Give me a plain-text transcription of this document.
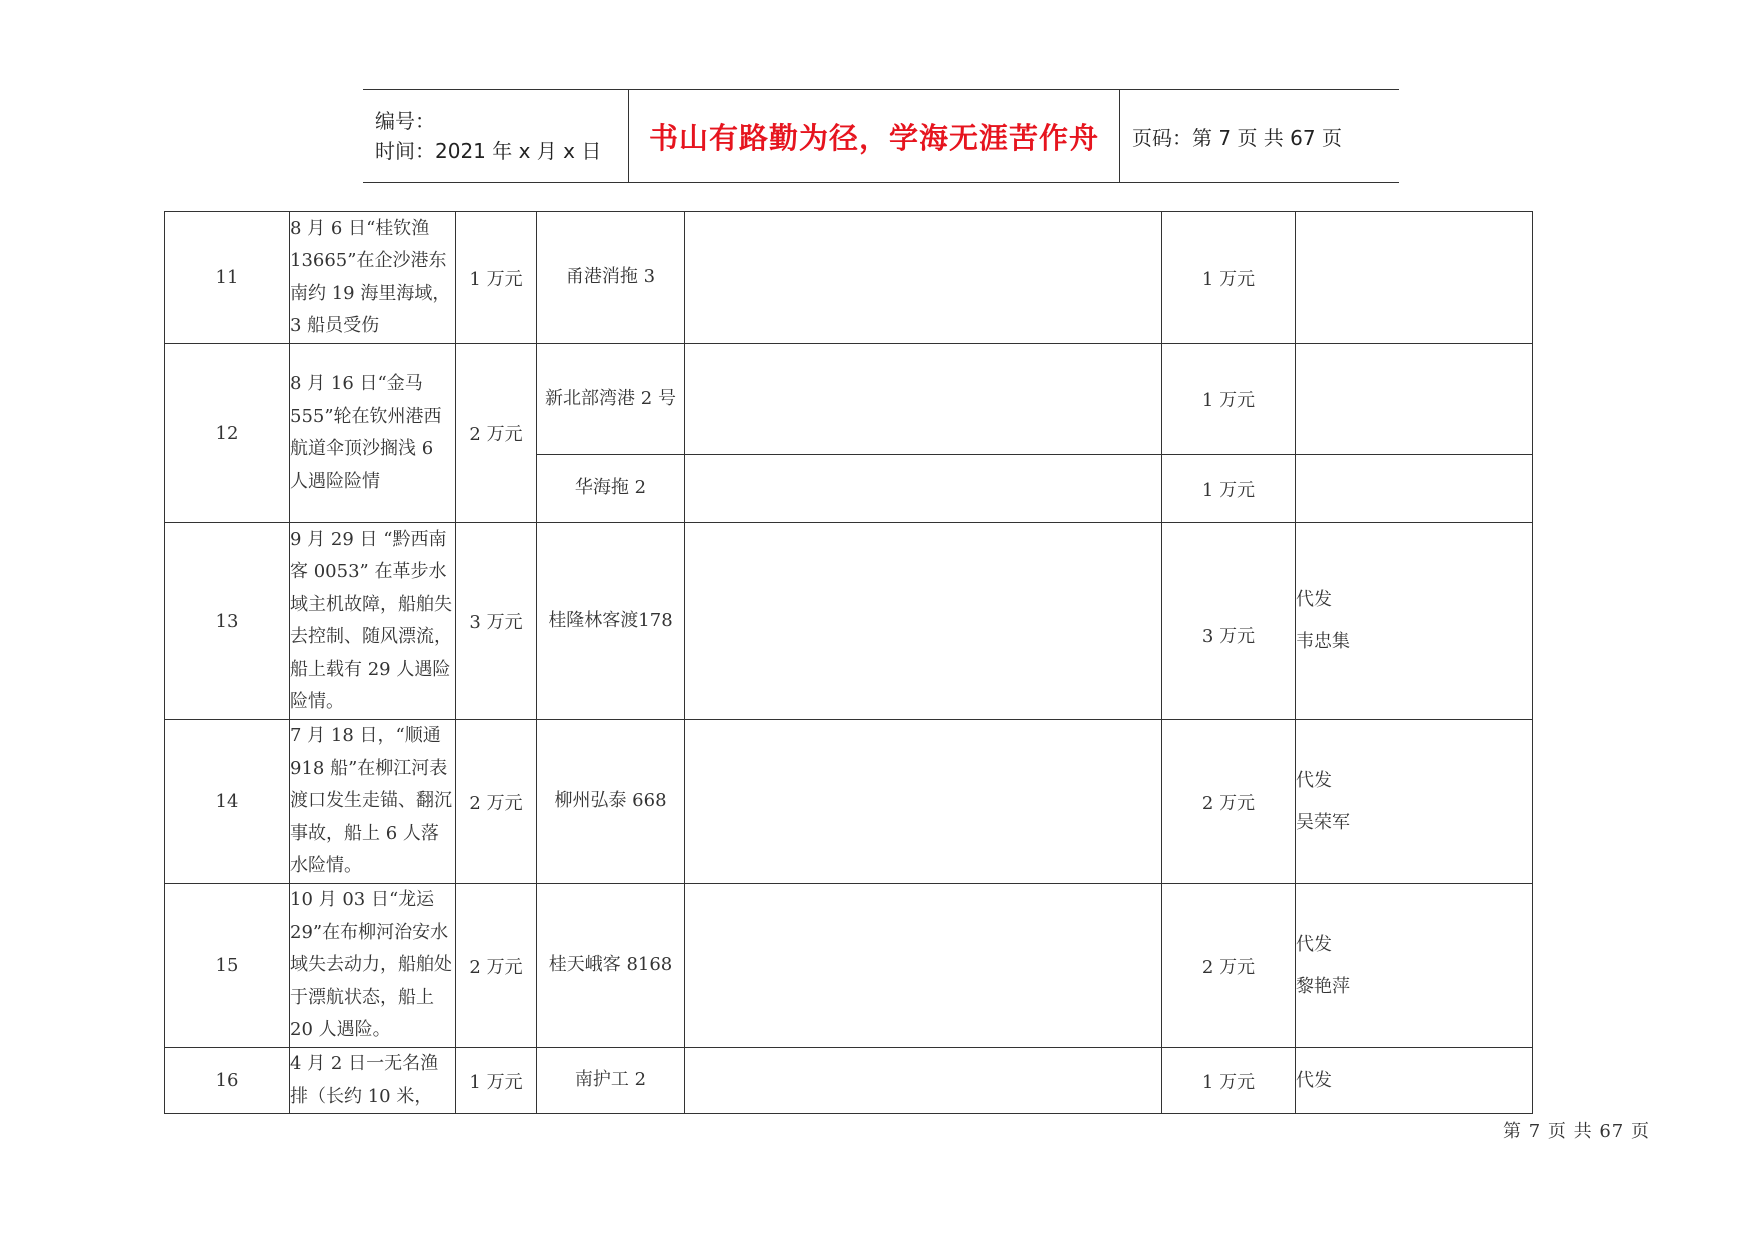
编号：
时间：2021 年 x 月 x 日	书山有路勤为径，学海无涯苦作舟 页码：第 7 页 共 67 页
11	8 月 6 日“桂钦渔 13665”在企沙港东南约 19 海里海域，3 船员受伤	1 万元	甬港消拖 3		1 万元	

12	8 月 16 日“金马 555”轮在钦州港西航道伞顶沙搁浅 6 人遇险险情	2 万元	新北部湾港 2 号		1 万元	

			华海拖 2		1 万元	

13	9 月 29 日 “黔西南客 0053” 在革步水域主机故障，船舶失去控制、随风漂流，船上载有 29 人遇险险情。	3 万元	桂隆林客渡178		3 万元	代发
韦忠集

14	7 月 18 日，“顺通 918 船”在柳江河表渡口发生走锚、翻沉事故，船上 6 人落水险情。	2 万元	柳州弘泰 668		2 万元	代发
吴荣军

15	10 月 03 日“龙运 29”在布柳河治安水域失去动力，船舶处于漂航状态，船上 20 人遇险。	2 万元	桂天峨客 8168		2 万元	代发
黎艳萍

16	4 月 2 日一无名渔排（长约 10 米，	1 万元	南护工 2		1 万元	代发
第 7 页 共 67 页
